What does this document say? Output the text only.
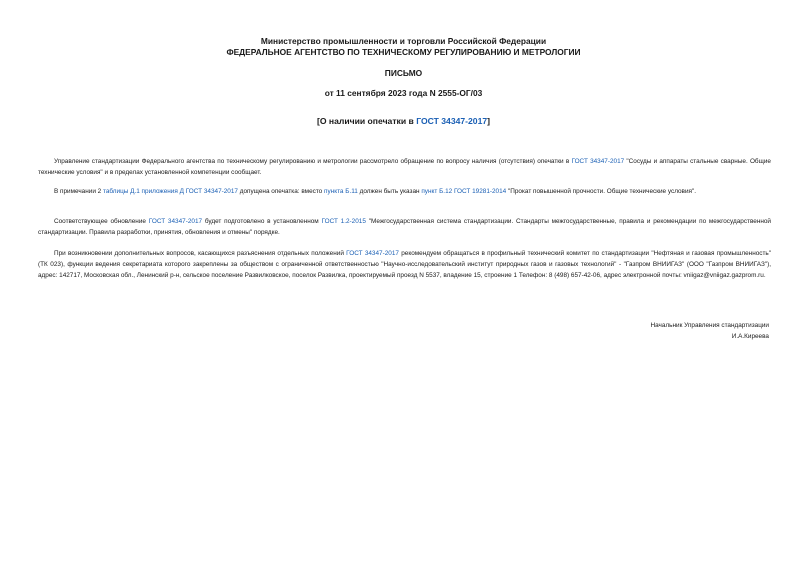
Министерство промышленности и торговли Российской Федерации
ФЕДЕРАЛЬНОЕ АГЕНТСТВО ПО ТЕХНИЧЕСКОМУ РЕГУЛИРОВАНИЮ И МЕТРОЛОГИИ
ПИСЬМО
от 11 сентября 2023 года N 2555-ОГ/03
[О наличии опечатки в ГОСТ 34347-2017]
Управление стандартизации Федерального агентства по техническому регулированию и метрологии рассмотрело обращение по вопросу наличия (отсутствия) опечатки в ГОСТ 34347-2017 "Сосуды и аппараты стальные сварные. Общие технические условия" и в пределах установленной компетенции сообщает.
В примечании 2 таблицы Д.1 приложения Д ГОСТ 34347-2017 допущена опечатка: вместо пункта Б.11 должен быть указан пункт Б.12 ГОСТ 19281-2014 "Прокат повышенной прочности. Общие технические условия".
Соответствующее обновление ГОСТ 34347-2017 будет подготовлено в установленном ГОСТ 1.2-2015 "Межгосударственная система стандартизации. Стандарты межгосударственные, правила и рекомендации по межгосударственной стандартизации. Правила разработки, принятия, обновления и отмены" порядке.
При возникновении дополнительных вопросов, касающихся разъяснения отдельных положений ГОСТ 34347-2017 рекомендуем обращаться в профильный технический комитет по стандартизации "Нефтяная и газовая промышленность" (ТК 023), функции ведения секретариата которого закреплены за обществом с ограниченной ответственностью "Научно-исследовательский институт природных газов и газовых технологий" - "Газпром ВНИИГАЗ" (ООО "Газпром ВНИИГАЗ"), адрес: 142717, Московская обл., Ленинский р-н, сельское поселение Развилковское, поселок Развилка, проектируемый проезд N 5537, владение 15, строение 1 Телефон: 8 (498) 657-42-06, адрес электронной почты: vniigaz@vniigaz.gazprom.ru.
Начальник Управления стандартизации
И.А.Киреева
